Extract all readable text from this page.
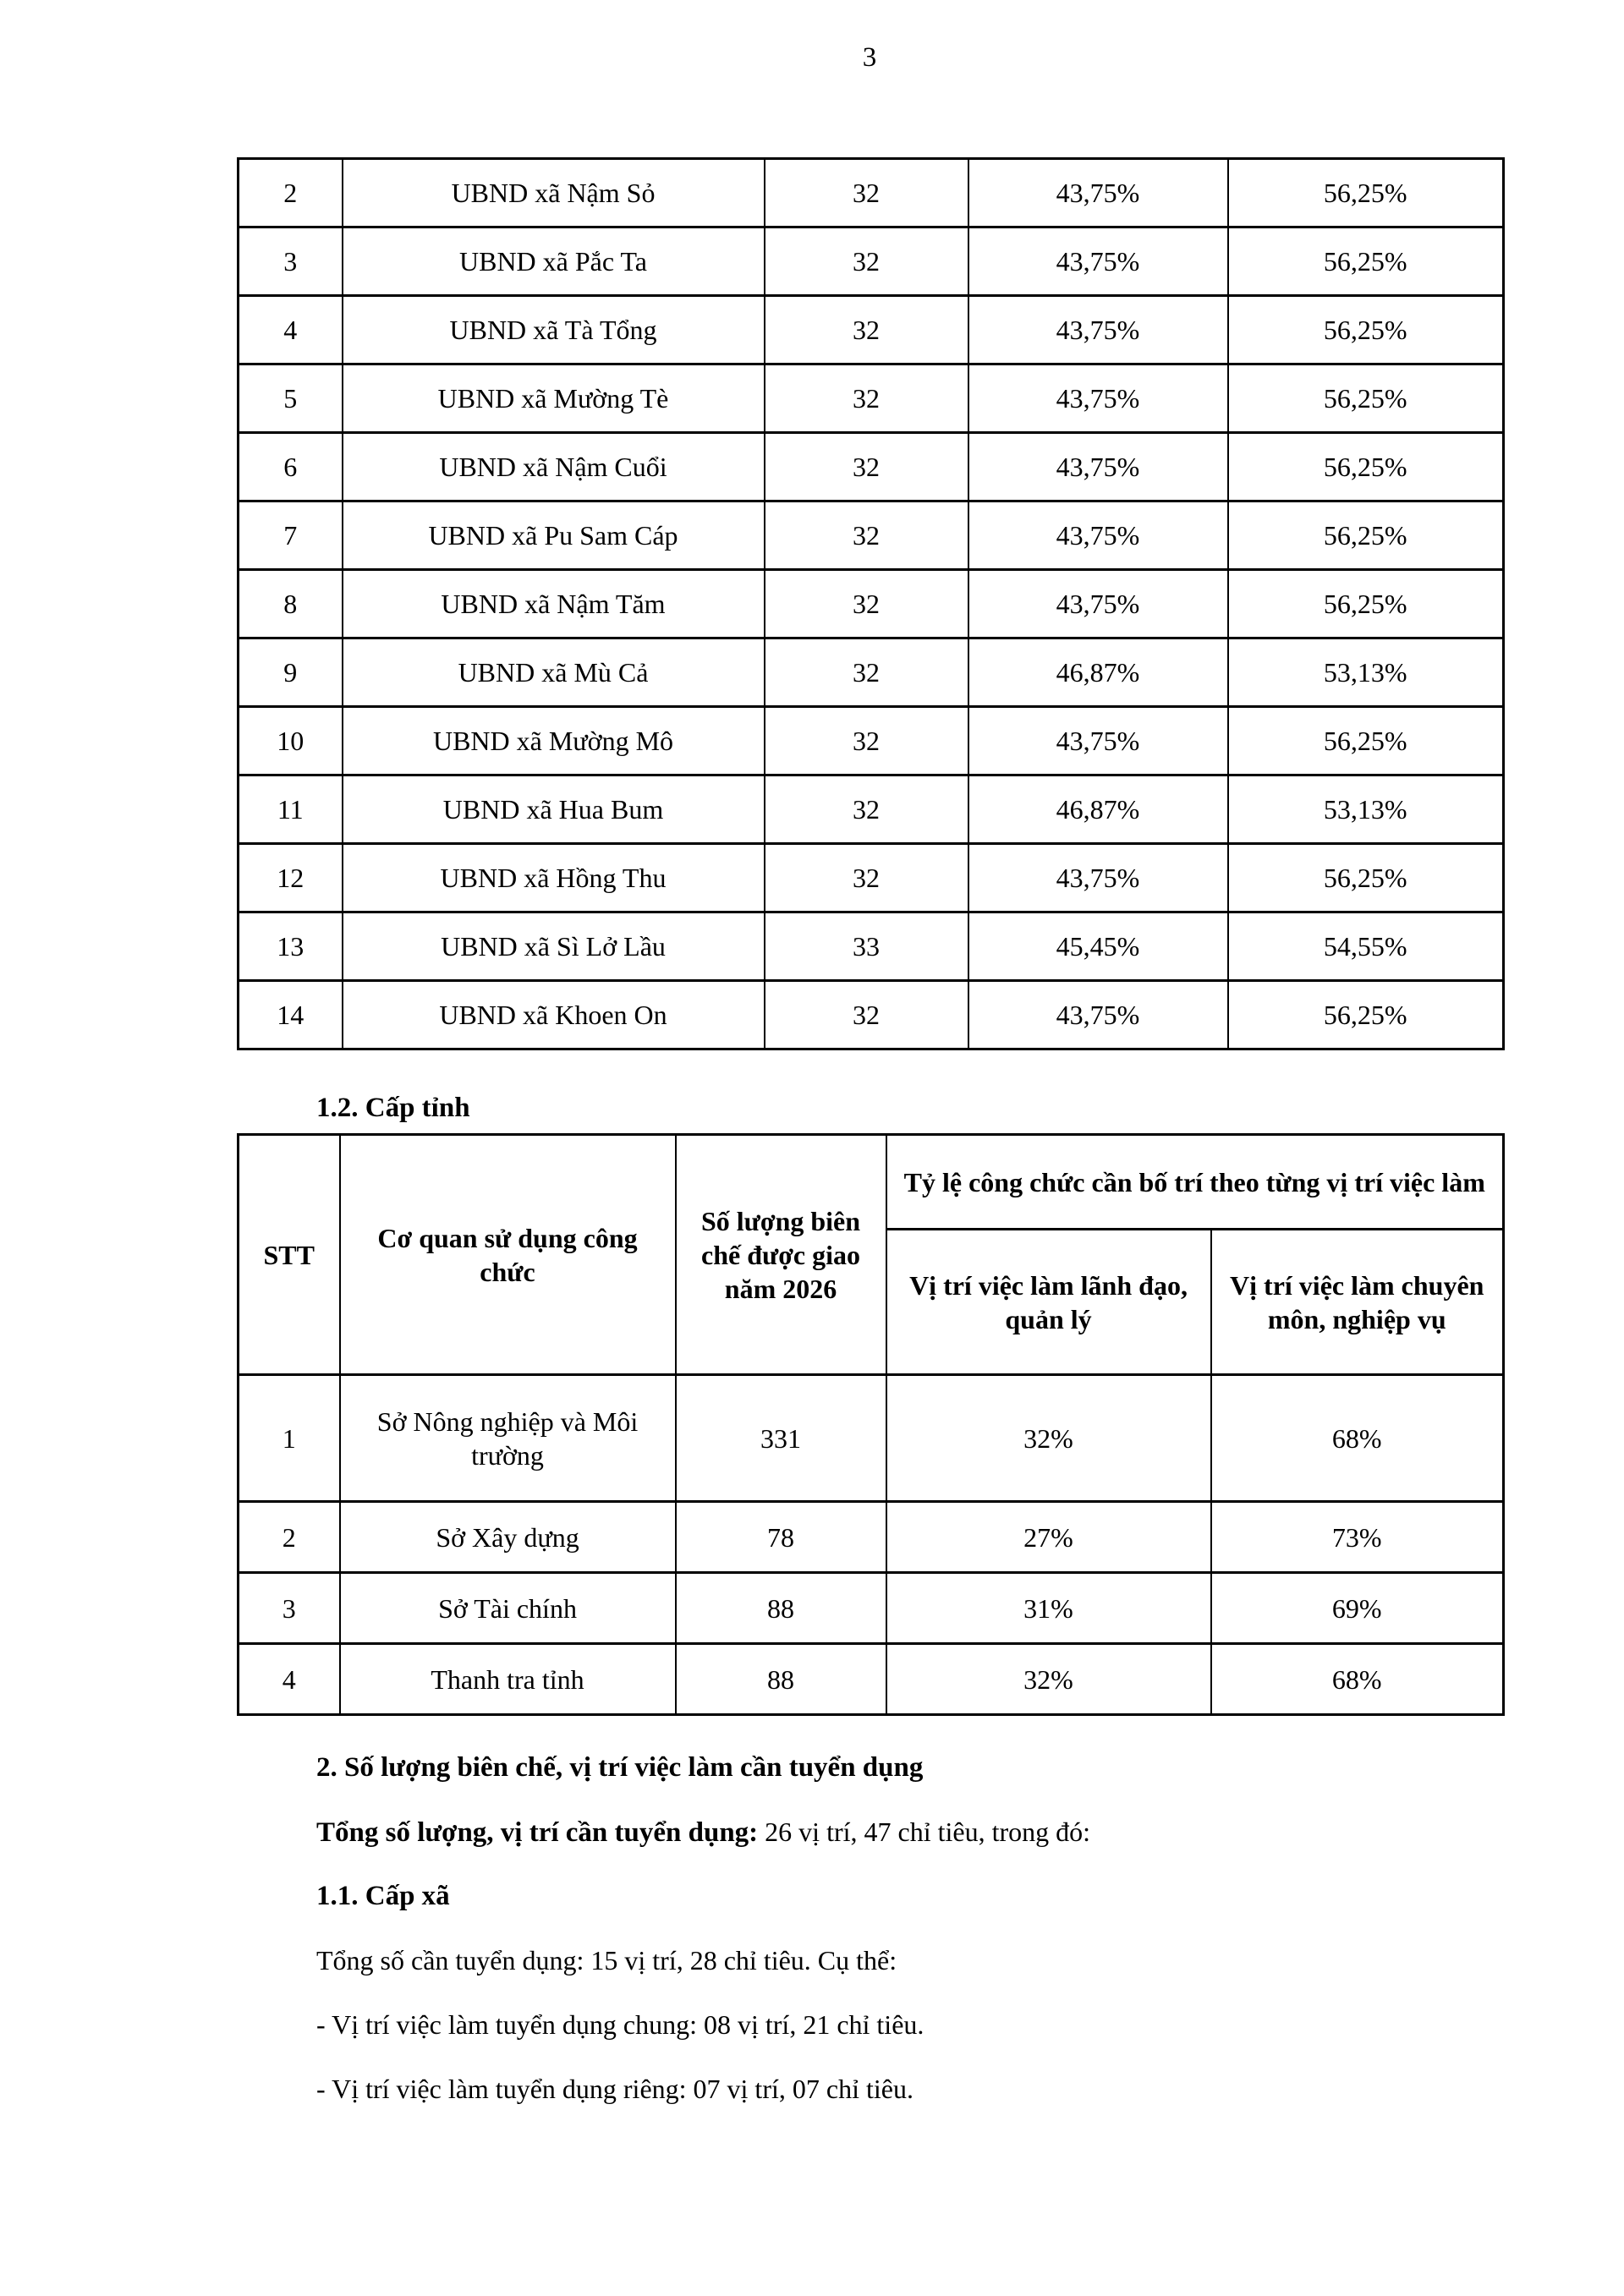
3
2	UBND xã Nậm Sỏ	32	43,75%	56,25%
3	UBND xã Pắc Ta	32	43,75%	56,25%
4	UBND xã Tà Tổng	32	43,75%	56,25%
5	UBND xã Mường Tè	32	43,75%	56,25%
6	UBND xã Nậm Cuổi	32	43,75%	56,25%
7	UBND xã Pu Sam Cáp	32	43,75%	56,25%
8	UBND xã Nậm Tăm	32	43,75%	56,25%
9	UBND xã Mù Cả	32	46,87%	53,13%
10	UBND xã Mường Mô	32	43,75%	56,25%
11	UBND xã Hua Bum	32	46,87%	53,13%
12	UBND xã Hồng Thu	32	43,75%	56,25%
13	UBND xã Sì Lở Lầu	33	45,45%	54,55%
14	UBND xã Khoen On	32	43,75%	56,25%
1.2. Cấp tỉnh
STT	Cơ quan sử dụng công chức	Số lượng biên chế được giao năm 2026	Tỷ lệ công chức cần bố trí theo từng vị trí việc làm	
			Vị trí việc làm lãnh đạo, quản lý	Vị trí việc làm chuyên môn, nghiệp vụ
1	Sở Nông nghiệp và Môi trường	331	32%	68%
2	Sở Xây dựng	78	27%	73%
3	Sở Tài chính	88	31%	69%
4	Thanh tra tỉnh	88	32%	68%
2. Số lượng biên chế, vị trí việc làm cần tuyển dụng
Tổng số lượng, vị trí cần tuyển dụng: 26 vị trí, 47 chỉ tiêu, trong đó:
1.1. Cấp xã
Tổng số cần tuyển dụng: 15 vị trí, 28 chỉ tiêu. Cụ thể:
- Vị trí việc làm tuyển dụng chung: 08 vị trí, 21 chỉ tiêu.
- Vị trí việc làm tuyển dụng riêng: 07 vị trí, 07 chỉ tiêu.
